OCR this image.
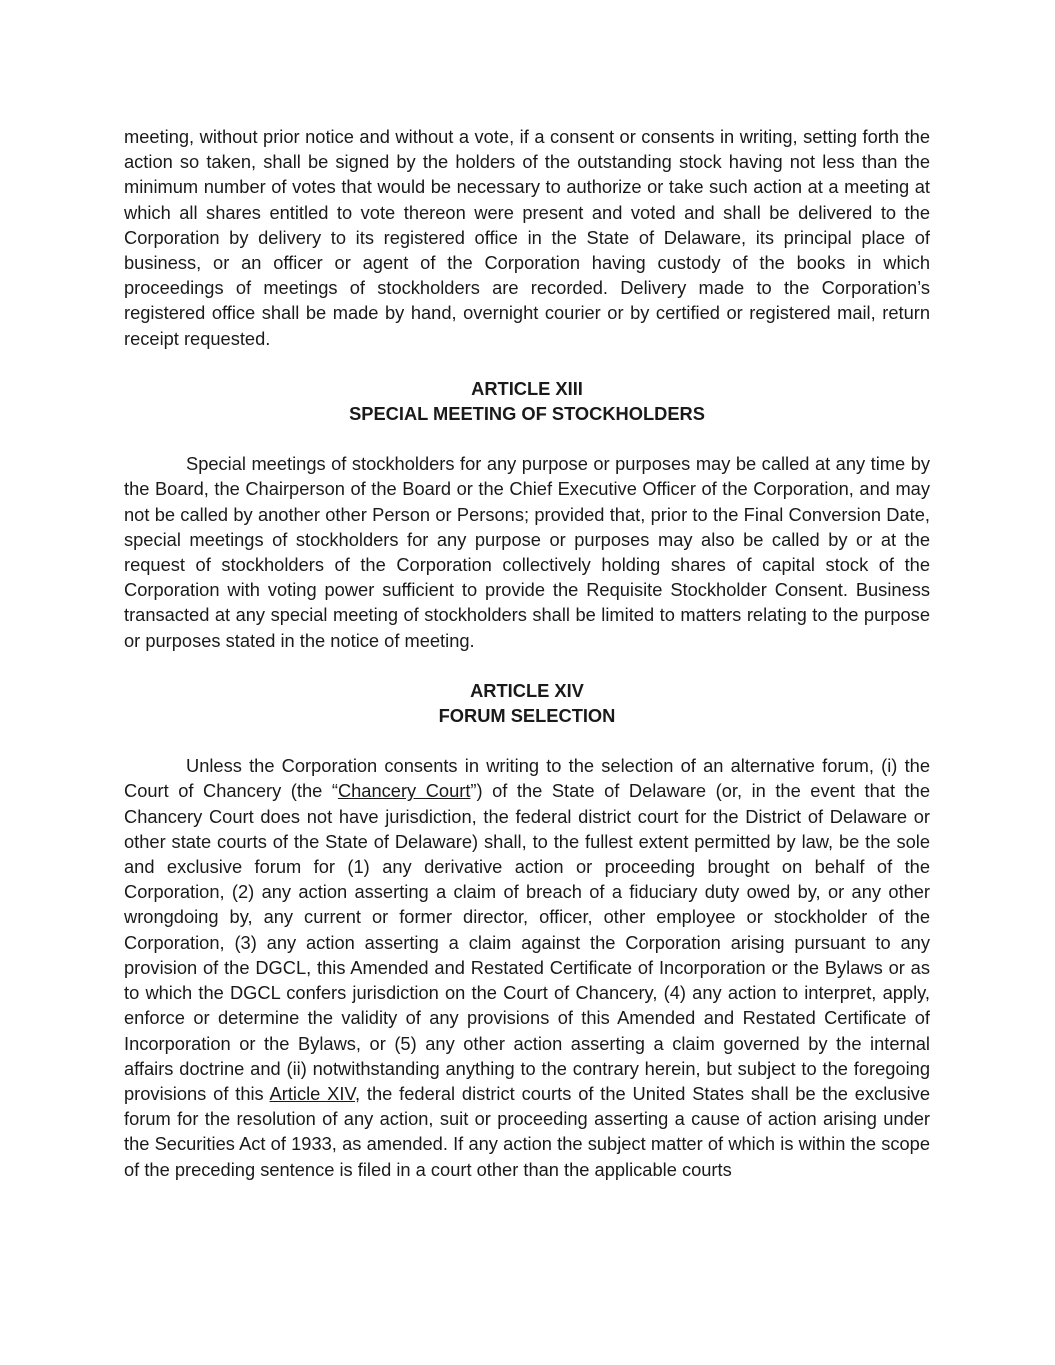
meeting, without prior notice and without a vote, if a consent or consents in writing, setting forth the action so taken, shall be signed by the holders of the outstanding stock having not less than the minimum number of votes that would be necessary to authorize or take such action at a meeting at which all shares entitled to vote thereon were present and voted and shall be delivered to the Corporation by delivery to its registered office in the State of Delaware, its principal place of business, or an officer or agent of the Corporation having custody of the books in which proceedings of meetings of stockholders are recorded. Delivery made to the Corporation’s registered office shall be made by hand, overnight courier or by certified or registered mail, return receipt requested.

ARTICLE XIII

SPECIAL MEETING OF STOCKHOLDERS

Special meetings of stockholders for any purpose or purposes may be called at any time by the Board, the Chairperson of the Board or the Chief Executive Officer of the Corporation, and may not be called by another other Person or Persons; provided that, prior to the Final Conversion Date, special meetings of stockholders for any purpose or purposes may also be called by or at the request of stockholders of the Corporation collectively holding shares of capital stock of the Corporation with voting power sufficient to provide the Requisite Stockholder Consent. Business transacted at any special meeting of stockholders shall be limited to matters relating to the purpose or purposes stated in the notice of meeting.

ARTICLE XIV

FORUM SELECTION

Unless the Corporation consents in writing to the selection of an alternative forum, (i) the Court of Chancery (the “Chancery Court”) of the State of Delaware (or, in the event that the Chancery Court does not have jurisdiction, the federal district court for the District of Delaware or other state courts of the State of Delaware) shall, to the fullest extent permitted by law, be the sole and exclusive forum for (1) any derivative action or proceeding brought on behalf of the Corporation, (2) any action asserting a claim of breach of a fiduciary duty owed by, or any other wrongdoing by, any current or former director, officer, other employee or stockholder of the Corporation, (3) any action asserting a claim against the Corporation arising pursuant to any provision of the DGCL, this Amended and Restated Certificate of Incorporation or the Bylaws or as to which the DGCL confers jurisdiction on the Court of Chancery, (4) any action to interpret, apply, enforce or determine the validity of any provisions of this Amended and Restated Certificate of Incorporation or the Bylaws, or (5) any other action asserting a claim governed by the internal affairs doctrine and (ii) notwithstanding anything to the contrary herein, but subject to the foregoing provisions of this Article XIV, the federal district courts of the United States shall be the exclusive forum for the resolution of any action, suit or proceeding asserting a cause of action arising under the Securities Act of 1933, as amended. If any action the subject matter of which is within the scope of the preceding sentence is filed in a court other than the applicable courts
